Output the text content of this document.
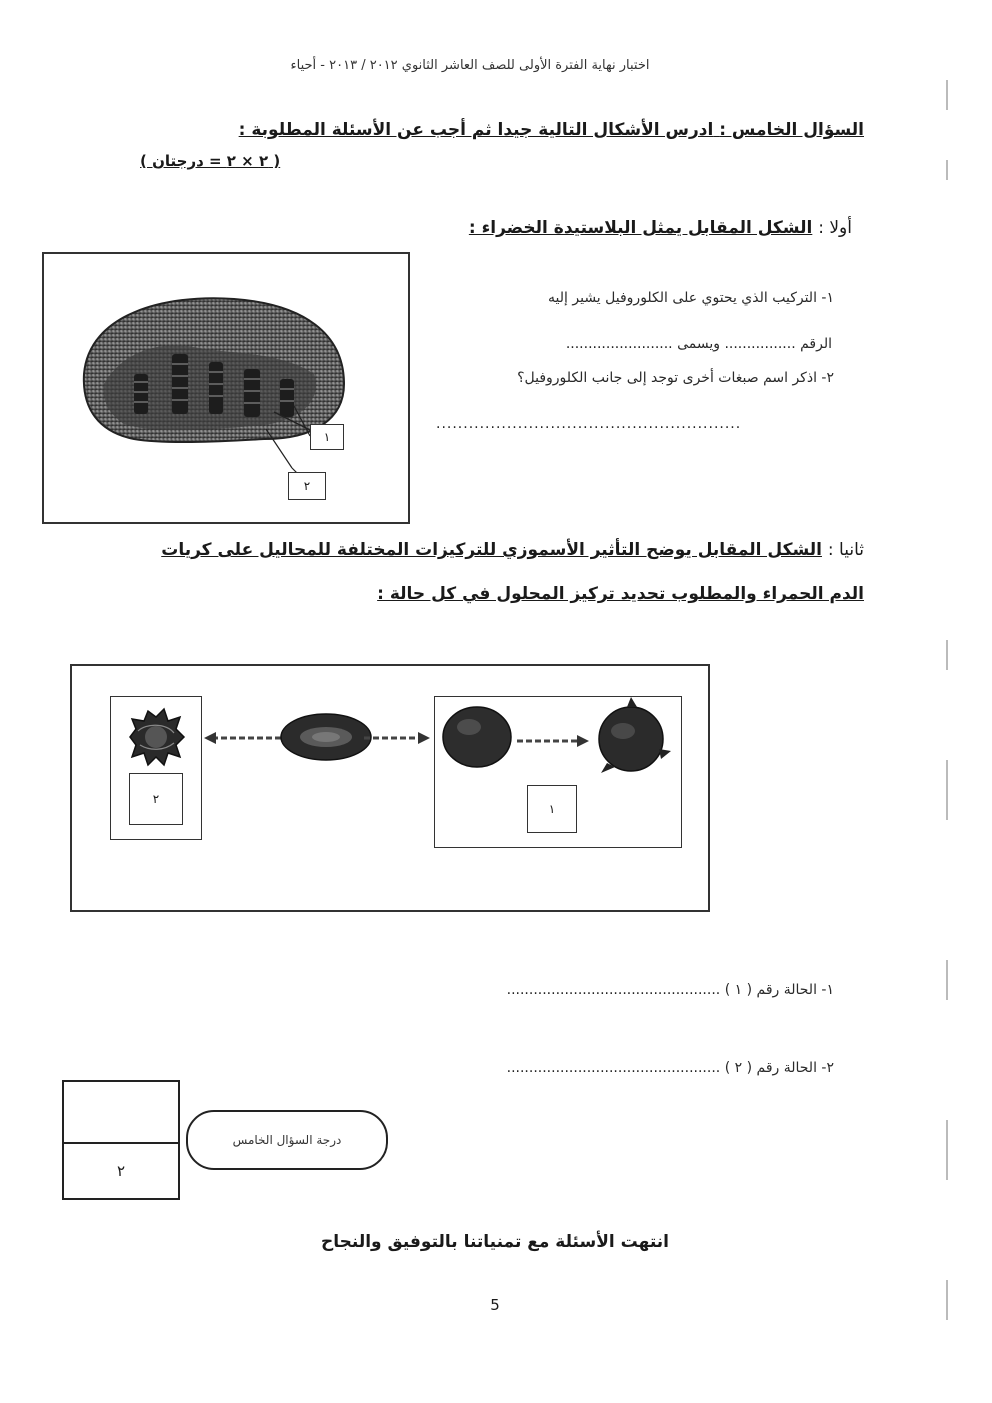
اختبار نهاية الفترة الأولى للصف العاشر الثانوي ٢٠١٢ / ٢٠١٣ - أحياء
السؤال الخامس : ادرس الأشكال التالية جيدا ثم أجب عن الأسئلة المطلوبة :
( ٢ × ٢ = درجتان )
أولا : الشكل المقابل يمثل البلاستيدة الخضراء :
١
٢
١- التركيب الذي يحتوي على الكلوروفيل يشير إليه
الرقم ................ ويسمى ........................
٢- اذكر اسم صبغات أخرى توجد إلى جانب الكلوروفيل؟
........................................................
ثانيا : الشكل المقابل يوضح التأثير الأسموزي للتركيزات المختلفة للمحاليل على كريات
الدم الحمراء والمطلوب تحديد تركيز المحلول في كل حالة :
٢
١
١- الحالة رقم ( ١ ) ................................................
٢- الحالة رقم ( ٢ ) ................................................
٢
درجة السؤال الخامس
انتهت الأسئلة مع تمنياتنا بالتوفيق والنجاح
5
